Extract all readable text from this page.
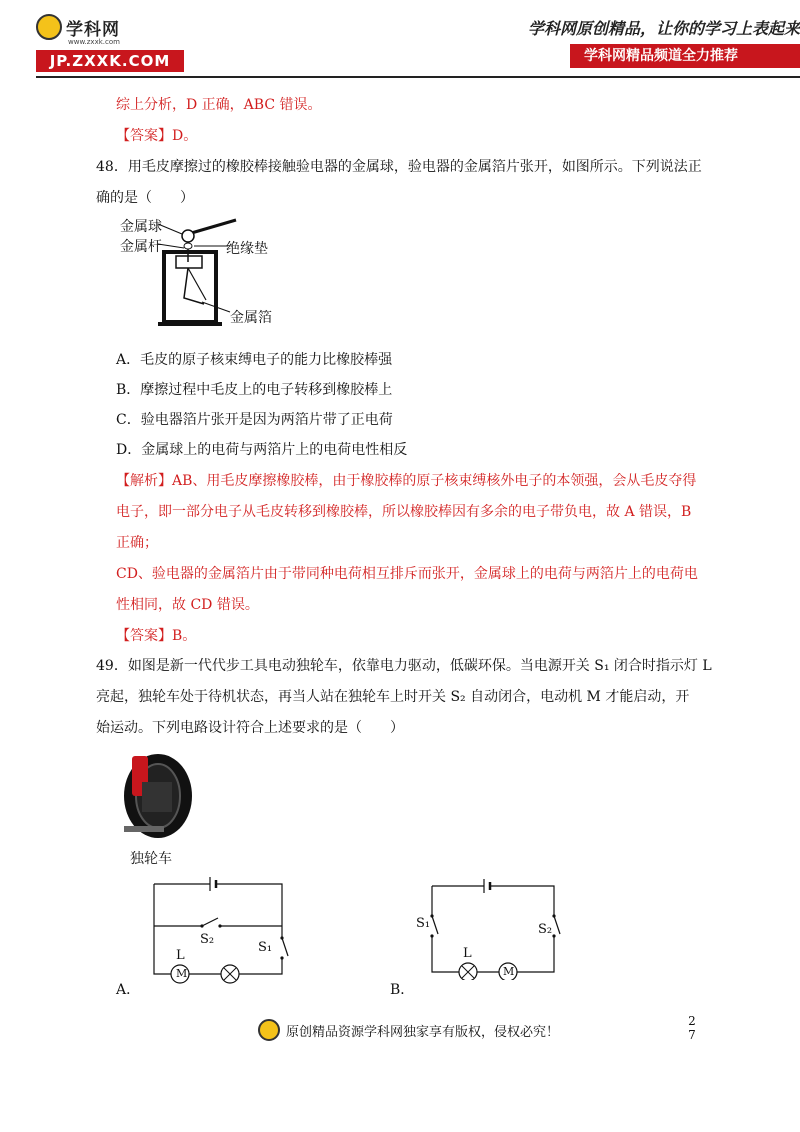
学科网
www.zxxk.com
JP.ZXXK.COM
学科网原创精品，让你的学习上表起来
学科网精品频道全力推荐
综上分析，D 正确，ABC 错误。
【答案】D。
48．用毛皮摩擦过的橡胶棒接触验电器的金属球，验电器的金属箔片张开，如图所示。下列说法正
确的是（　　）
金属球
金属杆	绝缘垫
金属箔
A．毛皮的原子核束缚电子的能力比橡胶棒强
B．摩擦过程中毛皮上的电子转移到橡胶棒上
C．验电器箔片张开是因为两箔片带了正电荷
D．金属球上的电荷与两箔片上的电荷电性相反
【解析】AB、用毛皮摩擦橡胶棒，由于橡胶棒的原子核束缚核外电子的本领强，会从毛皮夺得
电子，即一部分电子从毛皮转移到橡胶棒，所以橡胶棒因有多余的电子带负电，故 A 错误，B
正确；
CD、验电器的金属箔片由于带同种电荷相互排斥而张开，金属球上的电荷与两箔片上的电荷电
性相同，故 CD 错误。
【答案】B。
49．如图是新一代代步工具电动独轮车，依靠电力驱动，低碳环保。当电源开关 S₁ 闭合时指示灯 L
亮起，独轮车处于待机状态，再当人站在独轮车上时开关 S₂ 自动闭合，电动机 M 才能启动，开
始运动。下列电路设计符合上述要求的是（　　）
独轮车
M
L
S₂
S₁
A．
L
M
S₁	S₂
B．
原创精品资源学科网独家享有版权，侵权必究！
2
7
